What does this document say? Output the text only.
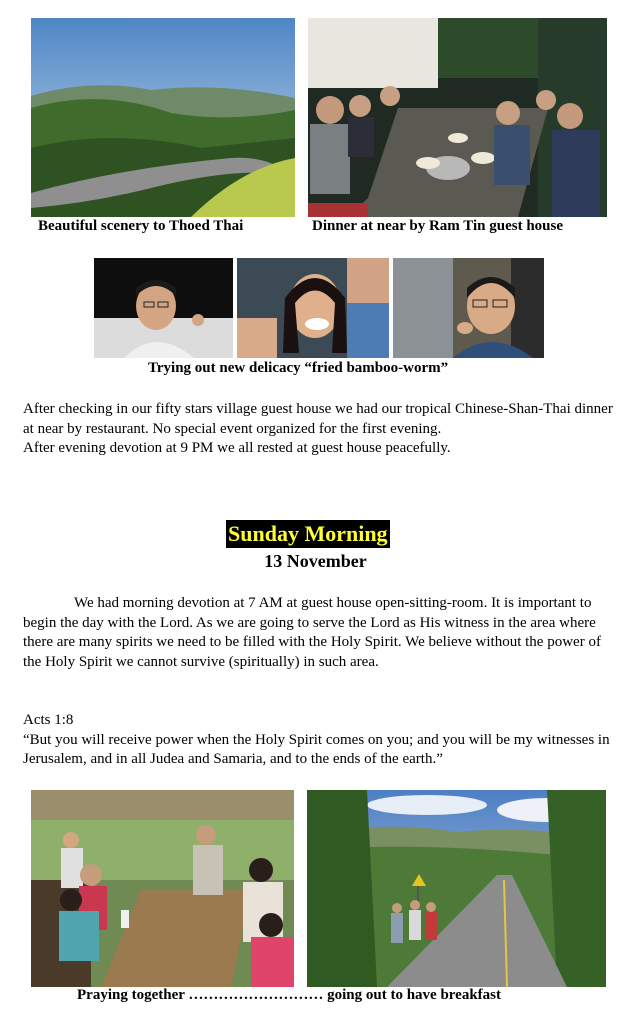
Beautiful scenery to Thoed Thai	Dinner at near by Ram Tin guest house
Trying out new delicacy “fried bamboo-worm”

After checking in our fifty stars village guest house we had our tropical Chinese-Shan-Thai dinner at near by restaurant. No special event organized for the first evening.

After evening devotion at 9 PM we all rested at guest house peacefully.

Sunday Morning
13 November

We had morning devotion at 7 AM at guest house open-sitting-room. It is important to begin the day with the Lord. As we are going to serve the Lord as His witness in the area where there are many spirits we need to be filled with the Holy Spirit. We believe without the power of the Holy Spirit we cannot survive (spiritually) in such area.

Acts 1:8

“But you will receive power when the Holy Spirit comes on you; and you will be my witnesses in Jerusalem, and in all Judea and Samaria, and to the ends of the earth.”

Praying together ……………………… going out to have breakfast
